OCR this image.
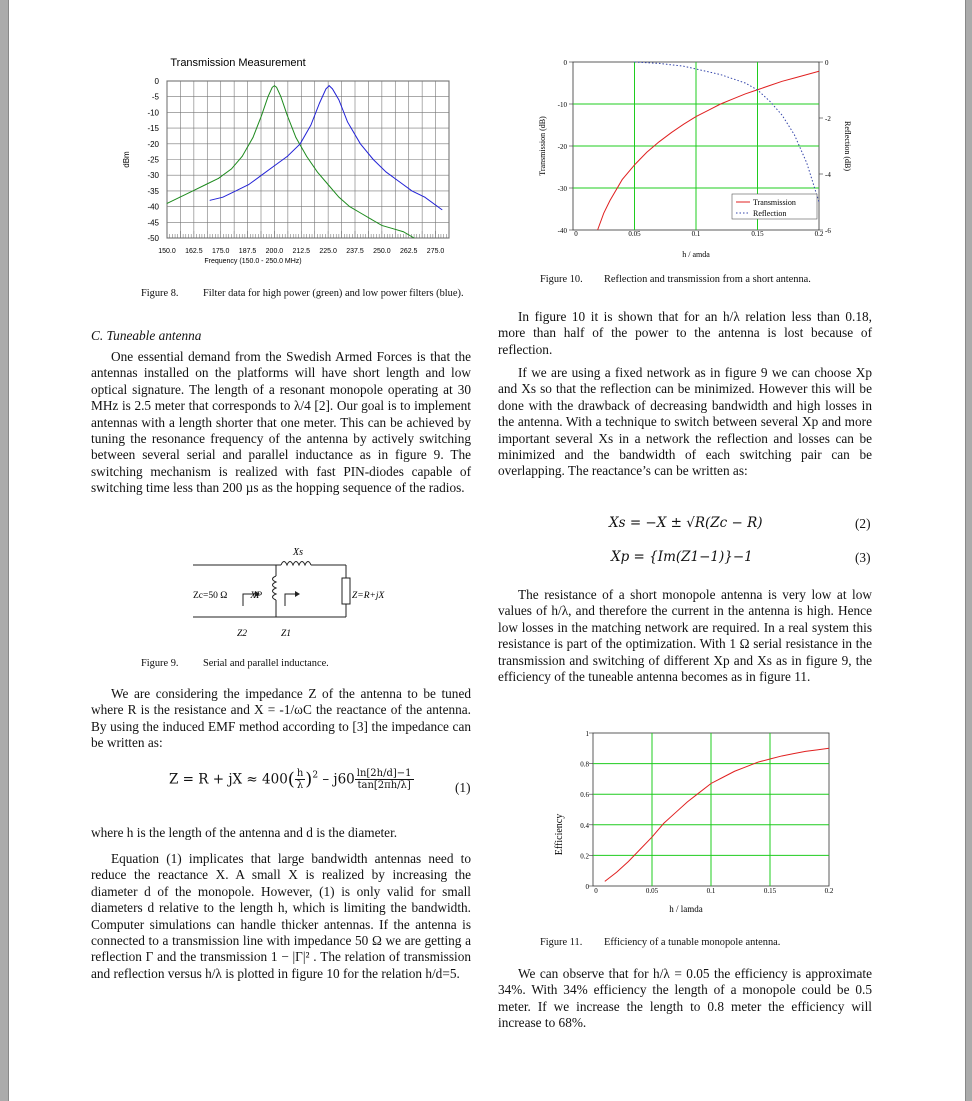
Transmission Measurement
0
-5
-10
-15
-20
-25
-30
-35
-40
-45
-50
150.0 162.5 175.0 187.5 200.0 212.5 225.0 237.5 250.0 262.5 275.0
Frequency (150.0 - 250.0 MHz)
dBm
Figure 8. Filter data for high power (green) and low power filters (blue).
C. Tuneable antenna

One essential demand from the Swedish Armed Forces is that the antennas installed on the platforms will have short length and low optical signature. The length of a resonant monopole operating at 30 MHz is 2.5 meter that corresponds to λ/4 [2]. Our goal is to implement antennas with a length shorter that one meter. This can be achieved by tuning the resonance frequency of the antenna by actively switching between several serial and parallel inductance as in figure 9. The switching mechanism is realized with fast PIN-diodes capable of switching time less than 200 µs as the hopping sequence of the radios.

Xs
XP
Zc=50 Ω	Z=R+jX
Z2	Z1
Figure 9. Serial and parallel inductance.

We are considering the impedance Z of the antenna to be tuned where R is the resistance and X = -1/ωC the reactance of the antenna. By using the induced EMF method according to [3] the impedance can be written as:

Z = R + jX ≈ $400( \frac{h}{\lambda} )^2 - j60 \frac{\ln[2h/d]-1}{\tan[2\pi h/\lambda]}$	(1)

where h is the length of the antenna and d is the diameter.

Equation (1) implicates that large bandwidth antennas need to reduce the reactance X. A small X is realized by increasing the diameter d of the monopole. However, (1) is only valid for small diameters d relative to the length h, which is limiting the bandwidth. Computer simulations can handle thicker antennas. If the antenna is connected to a transmission line with impedance 50 Ω we are getting a reflection Γ and the transmission 1 − |Γ|² . The relation of transmission and reflection versus h/λ is plotted in figure 10 for the relation h/d=5.

0	0.05	0.1	0.15	0.2
0
-10
-20
-30
-40
0
-2
-4
-6
h / amda
Transmission (dB)	Reflection (dB)
Transmission
Reflection
Figure 10. Reflection and transmission from a short antenna.

In figure 10 it is shown that for an h/λ relation less than 0.18, more than half of the power to the antenna is lost because of reflection.

If we are using a fixed network as in figure 9 we can choose Xp and Xs so that the reflection can be minimized. However this will be done with the drawback of decreasing bandwidth and high losses in the antenna. With a technique to switch between several Xp and more important several Xs in a network the reflection and losses can be minimized and the bandwidth of each switching pair can be overlapping. The reactance’s can be written as:

Xs = −X ± √R(Zc − R)	(2)
Xp = {Im(Z1−1)}−1	(3)

The resistance of a short monopole antenna is very low at low values of h/λ, and therefore the current in the antenna is high. Hence low losses in the matching network are required. In a real system this resistance is part of the optimization. With 1 Ω serial resistance in the transmission and switching of different Xp and Xs as in figure 9, the efficiency of the tuneable antenna becomes as in figure 11.

0	0.05	0.1	0.15	0.2
0
0.2
0.4
0.6
0.8
1
h / lamda
Efficiency
Figure 11. Efficiency of a tunable monopole antenna.

We can observe that for h/λ = 0.05 the efficiency is approximate 34%. With 34% efficiency the length of a monopole could be 0.5 meter. If we increase the length to 0.8 meter the efficiency will increase to 68%.
